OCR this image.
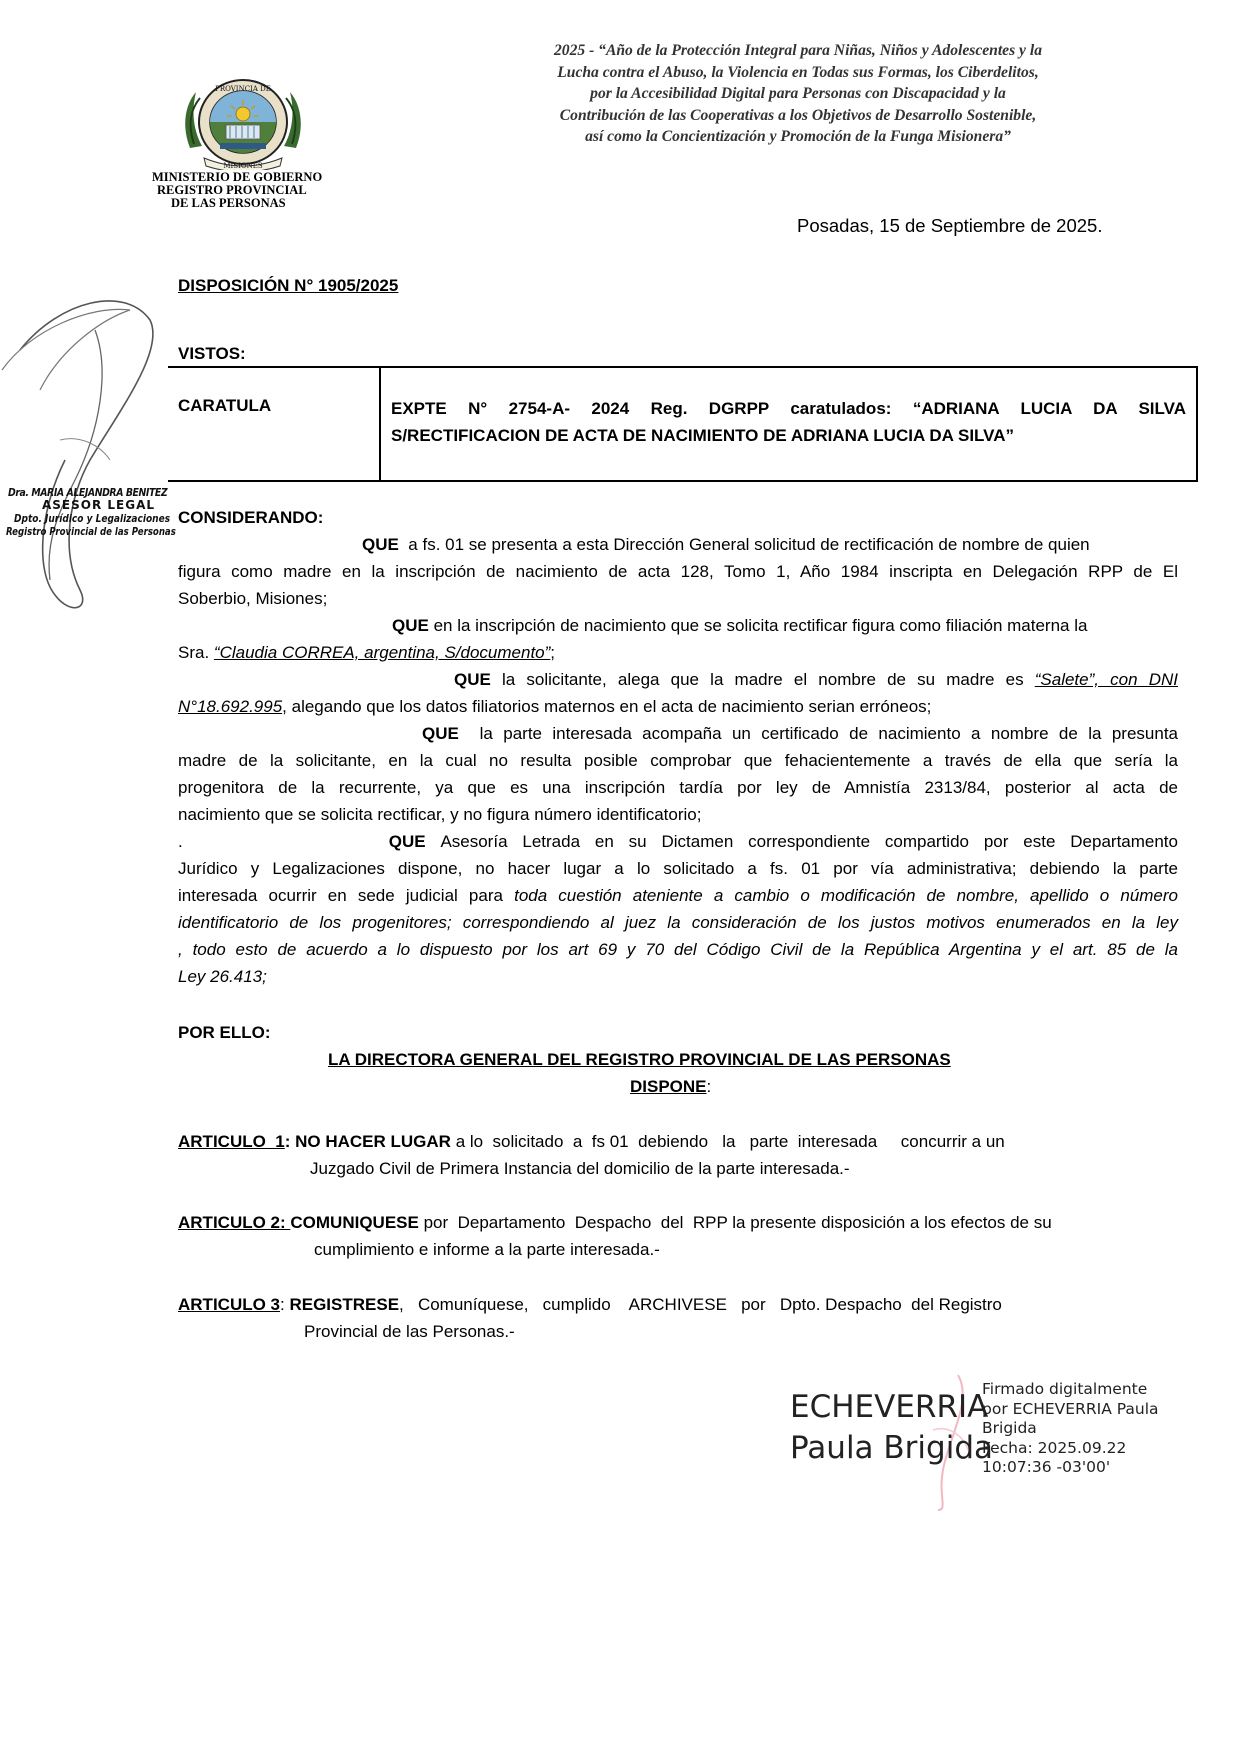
PROVINCIA DE
MISIONES
MINISTERIO DE GOBIERNO
REGISTRO PROVINCIAL
DE LAS PERSONAS
2025 - “Año de la Protección Integral para Niñas, Niños y Adolescentes y la
Lucha contra el Abuso, la Violencia en Todas sus Formas, los Ciberdelitos,
por la Accesibilidad Digital para Personas con Discapacidad y la
Contribución de las Cooperativas a los Objetivos de Desarrollo Sostenible,
así como la Concientización y Promoción de la Funga Misionera”
Posadas, 15 de Septiembre de 2025.
DISPOSICIÓN N° 1905/2025
VISTOS:
CARATULA	EXPTE N° 2754-A- 2024 Reg. DGRPP caratulados: “ADRIANA LUCIA DA SILVA
S/RECTIFICACION DE ACTA DE NACIMIENTO DE ADRIANA LUCIA DA SILVA”
Dra. MARIA ALEJANDRA BENITEZ
ASESOR LEGAL
Dpto. Jurídico y Legalizaciones
Registro Provincial de las Personas
CONSIDERANDO:
QUE a fs. 01 se presenta a esta Dirección General solicitud de rectificación de nombre de quien
figura como madre en la inscripción de nacimiento de acta 128, Tomo 1, Año 1984 inscripta en Delegación RPP de El
Soberbio, Misiones;
QUE en la inscripción de nacimiento que se solicita rectificar figura como filiación materna la
Sra. “Claudia CORREA, argentina, S/documento”;
QUE la solicitante, alega que la madre el nombre de su madre es “Salete”, con DNI
N°18.692.995, alegando que los datos filiatorios maternos en el acta de nacimiento serian erróneos;
QUE la parte interesada acompaña un certificado de nacimiento a nombre de la presunta
madre de la solicitante, en la cual no resulta posible comprobar que fehacientemente a través de ella que sería la
progenitora de la recurrente, ya que es una inscripción tardía por ley de Amnistía 2313/84, posterior al acta de
nacimiento que se solicita rectificar, y no figura número identificatorio;
.	QUE Asesoría Letrada en su Dictamen correspondiente compartido por este Departamento
Jurídico y Legalizaciones dispone, no hacer lugar a lo solicitado a fs. 01 por vía administrativa; debiendo la parte
interesada ocurrir en sede judicial para toda cuestión ateniente a cambio o modificación de nombre, apellido o número
identificatorio de los progenitores; correspondiendo al juez la consideración de los justos motivos enumerados en la ley
, todo esto de acuerdo a lo dispuesto por los art 69 y 70 del Código Civil de la República Argentina y el art. 85 de la
Ley 26.413;
POR ELLO:
LA DIRECTORA GENERAL DEL REGISTRO PROVINCIAL DE LAS PERSONAS
DISPONE:
ARTICULO  1: NO HACER LUGAR a lo  solicitado  a  fs 01  debiendo   la   parte  interesada     concurrir a un
Juzgado Civil de Primera Instancia del domicilio de la parte interesada.-
ARTICULO 2: COMUNIQUESE por  Departamento  Despacho  del  RPP la presente disposición a los efectos de su
cumplimiento e informe a la parte interesada.-
ARTICULO 3: REGISTRESE,   Comuníquese,   cumplido    ARCHIVESE   por   Dpto. Despacho  del Registro
Provincial de las Personas.-
ECHEVERRIA
Paula Brigida
Firmado digitalmente
por ECHEVERRIA Paula
Brigida
Fecha: 2025.09.22
10:07:36 -03'00'
